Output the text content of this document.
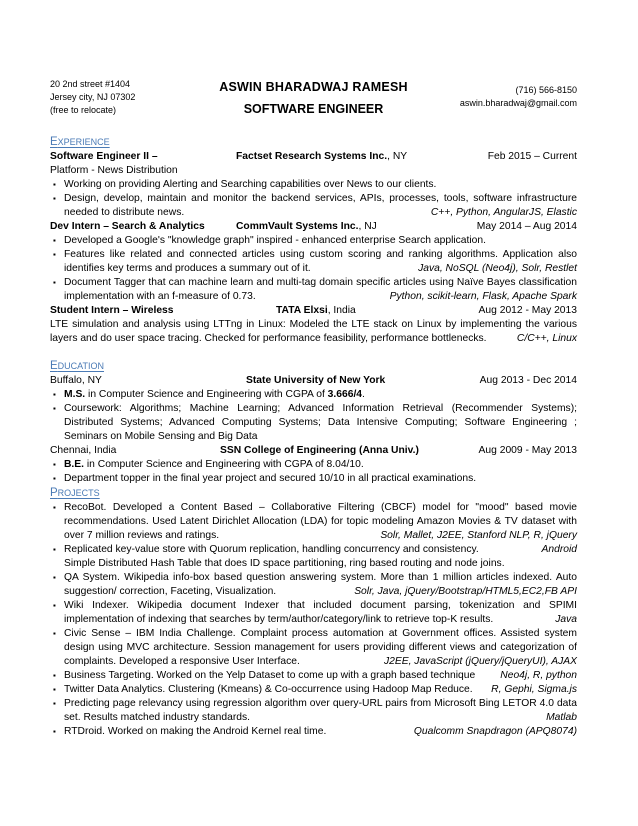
20 2nd street #1404
Jersey city, NJ 07302
(free to relocate)
ASWIN BHARADWAJ RAMESH
SOFTWARE ENGINEER
(716) 566-8150
aswin.bharadwaj@gmail.com
EXPERIENCE
Software Engineer II –	Factset Research Systems Inc., NY	Feb 2015 – Current
Platform - News Distribution
▪ Working on providing Alerting and Searching capabilities over News to our clients.
▪ Design, develop, maintain and monitor the backend services, APIs, processes, tools, software infrastructure needed to distribute news.	C++, Python, AngularJS, Elastic
Dev Intern – Search & Analytics	CommVault Systems Inc., NJ	May 2014 – Aug 2014
▪ Developed a Google's "knowledge graph" inspired - enhanced enterprise Search application.
▪ Features like related and connected articles using custom scoring and ranking algorithms. Application also identifies key terms and produces a summary out of it.	Java, NoSQL (Neo4j), Solr, Restlet
▪ Document Tagger that can machine learn and multi-tag domain specific articles using Naïve Bayes classification implementation with an f-measure of 0.73.	Python, scikit-learn, Flask, Apache Spark
Student Intern – Wireless	TATA Elxsi, India	Aug 2012 - May 2013
LTE simulation and analysis using LTTng in Linux: Modeled the LTE stack on Linux by implementing the various layers and do user space tracing. Checked for performance feasibility, performance bottlenecks.	C/C++, Linux
EDUCATION
Buffalo, NY	State University of New York	Aug 2013 - Dec 2014
▪ M.S. in Computer Science and Engineering with CGPA of 3.666/4.
▪ Coursework: Algorithms; Machine Learning; Advanced Information Retrieval (Recommender Systems); Distributed Systems; Advanced Computing Systems; Data Intensive Computing; Software Engineering ; Seminars on Mobile Sensing and Big Data
Chennai, India	SSN College of Engineering (Anna Univ.)	Aug 2009 - May 2013
▪ B.E. in Computer Science and Engineering with CGPA of 8.04/10.
▪ Department topper in the final year project and secured 10/10 in all practical examinations.
PROJECTS
▪ RecoBot. Developed a Content Based – Collaborative Filtering (CBCF) model for "mood" based movie recommendations. Used Latent Dirichlet Allocation (LDA) for topic modeling Amazon Movies & TV dataset with over 7 million reviews and ratings.	Solr, Mallet, J2EE, Stanford NLP, R, jQuery
▪ Replicated key-value store with Quorum replication, handling concurrency and consistency.	Android
Simple Distributed Hash Table that does ID space partitioning, ring based routing and node joins.
▪ QA System. Wikipedia info-box based question answering system. More than 1 million articles indexed. Auto suggestion/ correction, Faceting, Visualization.	Solr, Java, jQuery/Bootstrap/HTML5,EC2,FB API
▪ Wiki Indexer. Wikipedia document Indexer that included document parsing, tokenization and SPIMI implementation of indexing that searches by term/author/category/link to retrieve top-K results.	Java
▪ Civic Sense – IBM India Challenge. Complaint process automation at Government offices. Assisted system design using MVC architecture. Session management for users providing different views and categorization of complaints. Developed a responsive User Interface.	J2EE, JavaScript (jQuery/jQueryUI), AJAX
▪ Business Targeting. Worked on the Yelp Dataset to come up with a graph based technique Neo4j, R, python
▪ Twitter Data Analytics. Clustering (Kmeans) & Co-occurrence using Hadoop Map Reduce. R, Gephi, Sigma.js
▪ Predicting page relevancy using regression algorithm over query-URL pairs from Microsoft Bing LETOR 4.0 data set. Results matched industry standards.	Matlab
▪ RTDroid. Worked on making the Android Kernel real time.	Qualcomm Snapdragon (APQ8074)
